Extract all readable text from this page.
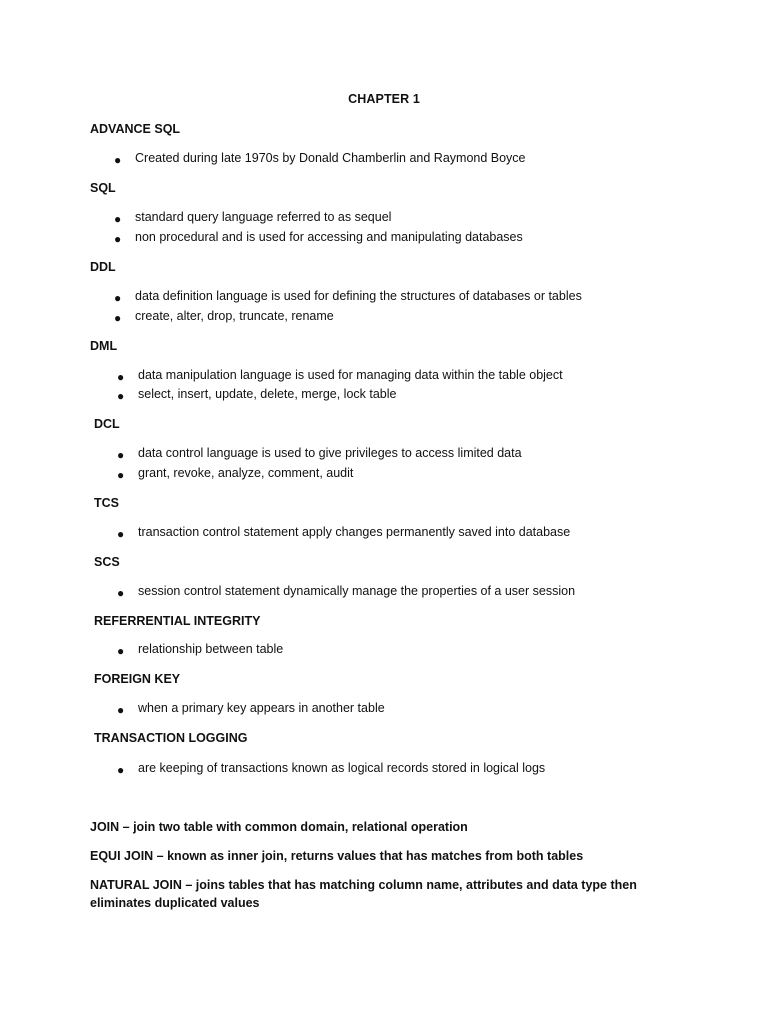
CHAPTER 1
ADVANCE SQL
● Created during late 1970s by Donald Chamberlin and Raymond Boyce
SQL
● standard query language referred to as sequel
● non procedural and is used for accessing and manipulating databases
DDL
● data definition language is used for defining the structures of databases or tables
● create, alter, drop, truncate, rename
DML
● data manipulation language is used for managing data within the table object
● select, insert, update, delete, merge, lock table
DCL
● data control language is used to give privileges to access limited data
● grant, revoke, analyze, comment, audit
TCS
● transaction control statement apply changes permanently saved into database
SCS
● session control statement dynamically manage the properties of a user session
REFERRENTIAL INTEGRITY
● relationship between table
FOREIGN KEY
● when a primary key appears in another table
TRANSACTION LOGGING
● are keeping of transactions known as logical records stored in logical logs
JOIN – join two table with common domain, relational operation
EQUI JOIN – known as inner join, returns values that has matches from both tables
NATURAL JOIN – joins tables that has matching column name, attributes and data type then eliminates duplicated values
